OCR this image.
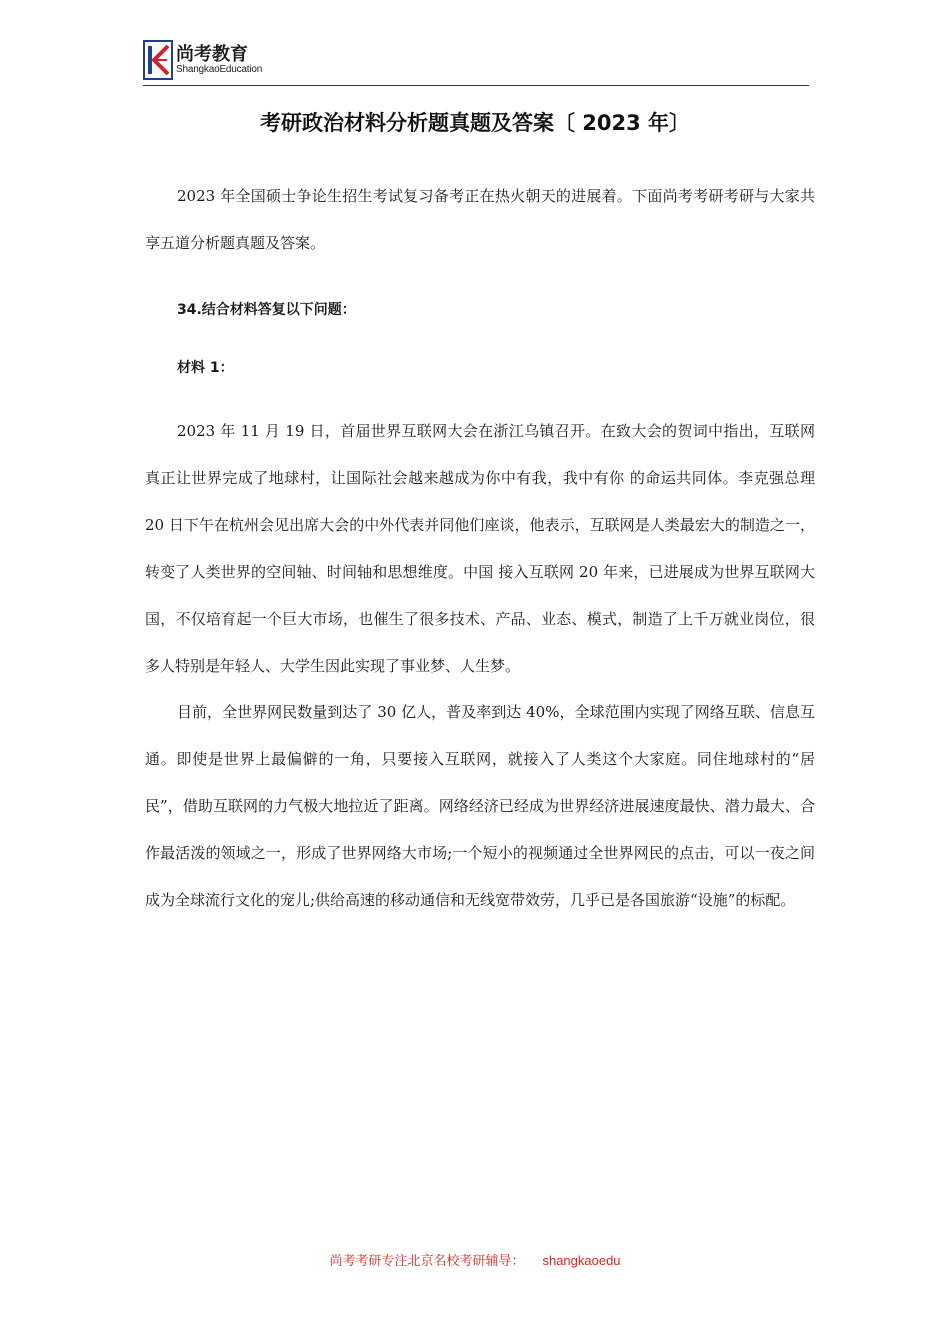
尚考教育
ShangkaoEducation
考研政治材料分析题真题及答案〔 2023 年〕

2023 年全国硕士争论生招生考试复习备考正在热火朝天的进展着。下面尚考考研考研与大家共享五道分析题真题及答案。

34.结合材料答复以下问题：

材料 1：

2023 年 11 月 19 日，首届世界互联网大会在浙江乌镇召开。在致大会的贺词中指出，互联网真正让世界完成了地球村，让国际社会越来越成为你中有我，我中有你 的命运共同体。李克强总理 20 日下午在杭州会见出席大会的中外代表并同他们座谈，他表示，互联网是人类最宏大的制造之一，转变了人类世界的空间轴、时间轴和思想维度。中国 接入互联网 20 年来，已进展成为世界互联网大国，不仅培育起一个巨大市场，也催生了很多技术、产品、业态、模式，制造了上千万就业岗位，很多人特别是年轻人、大学生因此实现了事业梦、人生梦。

目前，全世界网民数量到达了 30 亿人，普及率到达 40%，全球范围内实现了网络互联、信息互通。即使是世界上最偏僻的一角，只要接入互联网，就接入了人类这个大家庭。同住地球村的“居民”，借助互联网的力气极大地拉近了距离。网络经济已经成为世界经济进展速度最快、潜力最大、合作最活泼的领域之一，形成了世界网络大市场;一个短小的视频通过全世界网民的点击，可以一夜之间成为全球流行文化的宠儿;供给高速的移动通信和无线宽带效劳，几乎已是各国旅游“设施”的标配。

尚考考研专注北京名校考研辅导： shangkaoedu
